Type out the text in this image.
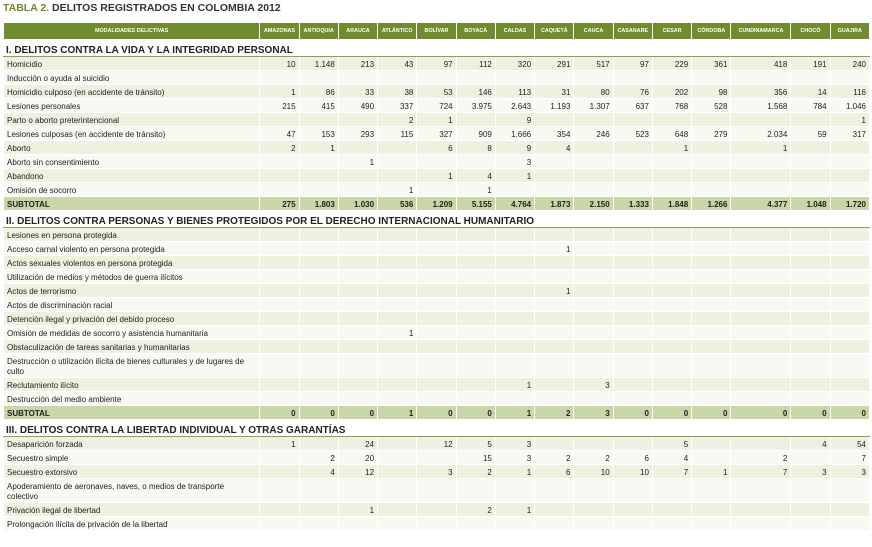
TABLA 2. DELITOS REGISTRADOS EN COLOMBIA 2012
MODALIDADES DELICTIVAS	AMAZONAS	ANTIOQUIA	ARAUCA	ATLÁNTICO	BOLÍVAR	BOYACÁ	CALDAS	CAQUETÁ	CAUCA	CASANARE	CESAR	CÓRDOBA	CUNDINAMARCA	CHOCÓ	GUAJIRA
I. DELITOS CONTRA LA VIDA Y LA INTEGRIDAD PERSONAL															
Homicidio	10	1.148	213	43	97	112	320	291	517	97	229	361	418	191	240
Inducción o ayuda al suicidio															
Homicidio culposo (en accidente de tránsito)	1	86	33	38	53	146	113	31	80	76	202	98	356	14	116
Lesiones personales	215	415	490	337	724	3.975	2.643	1.193	1.307	637	768	528	1.568	784	1.046
Parto o aborto preterintencional				2	1		9								1
Lesiones culposas (en accidente de tránsito)	47	153	293	115	327	909	1.666	354	246	523	648	279	2.034	59	317
Aborto	2	1			6	8	9	4			1		1		
Aborto sin consentimiento			1				3								
Abandono					1	4	1								
Omisión de socorro				1		1									
SUBTOTAL	275	1.803	1.030	536	1.209	5.155	4.764	1.873	2.150	1.333	1.848	1.266	4.377	1.048	1.720
II. DELITOS CONTRA PERSONAS Y BIENES PROTEGIDOS POR EL DERECHO INTERNACIONAL HUMANITARIO															
Lesiones en persona protegida															
Acceso carnal violento en persona protegida								1							
Actos sexuales violentos en persona protegida															
Utilización de medios y métodos de guerra ilícitos															
Actos de terrorismo								1							
Actos de discriminación racial															
Detención ilegal y privación del debido proceso															
Omisión de medidas de socorro y asistencia humanitaria				1											
Obstaculización de tareas sanitarias y humanitarias															
Destrucción o utilización ilícita de bienes culturales y de lugares de culto															
Reclutamiento ilícito							1		3						
Destrucción del medio ambiente															
SUBTOTAL	0	0	0	1	0	0	1	2	3	0	0	0	0	0	0
III. DELITOS CONTRA LA LIBERTAD INDIVIDUAL Y OTRAS GARANTÍAS															
Desaparición forzada	1		24		12	5	3				5			4	54
Secuestro simple		2	20			15	3	2	2	6	4		2		7
Secuestro extorsivo		4	12		3	2	1	6	10	10	7	1	7	3	3
Apoderamiento de aeronaves, naves, o medios de transporte colectivo															
Privación ilegal de libertad			1			2	1								
Prolongación ilícita de privación de la libertad															
